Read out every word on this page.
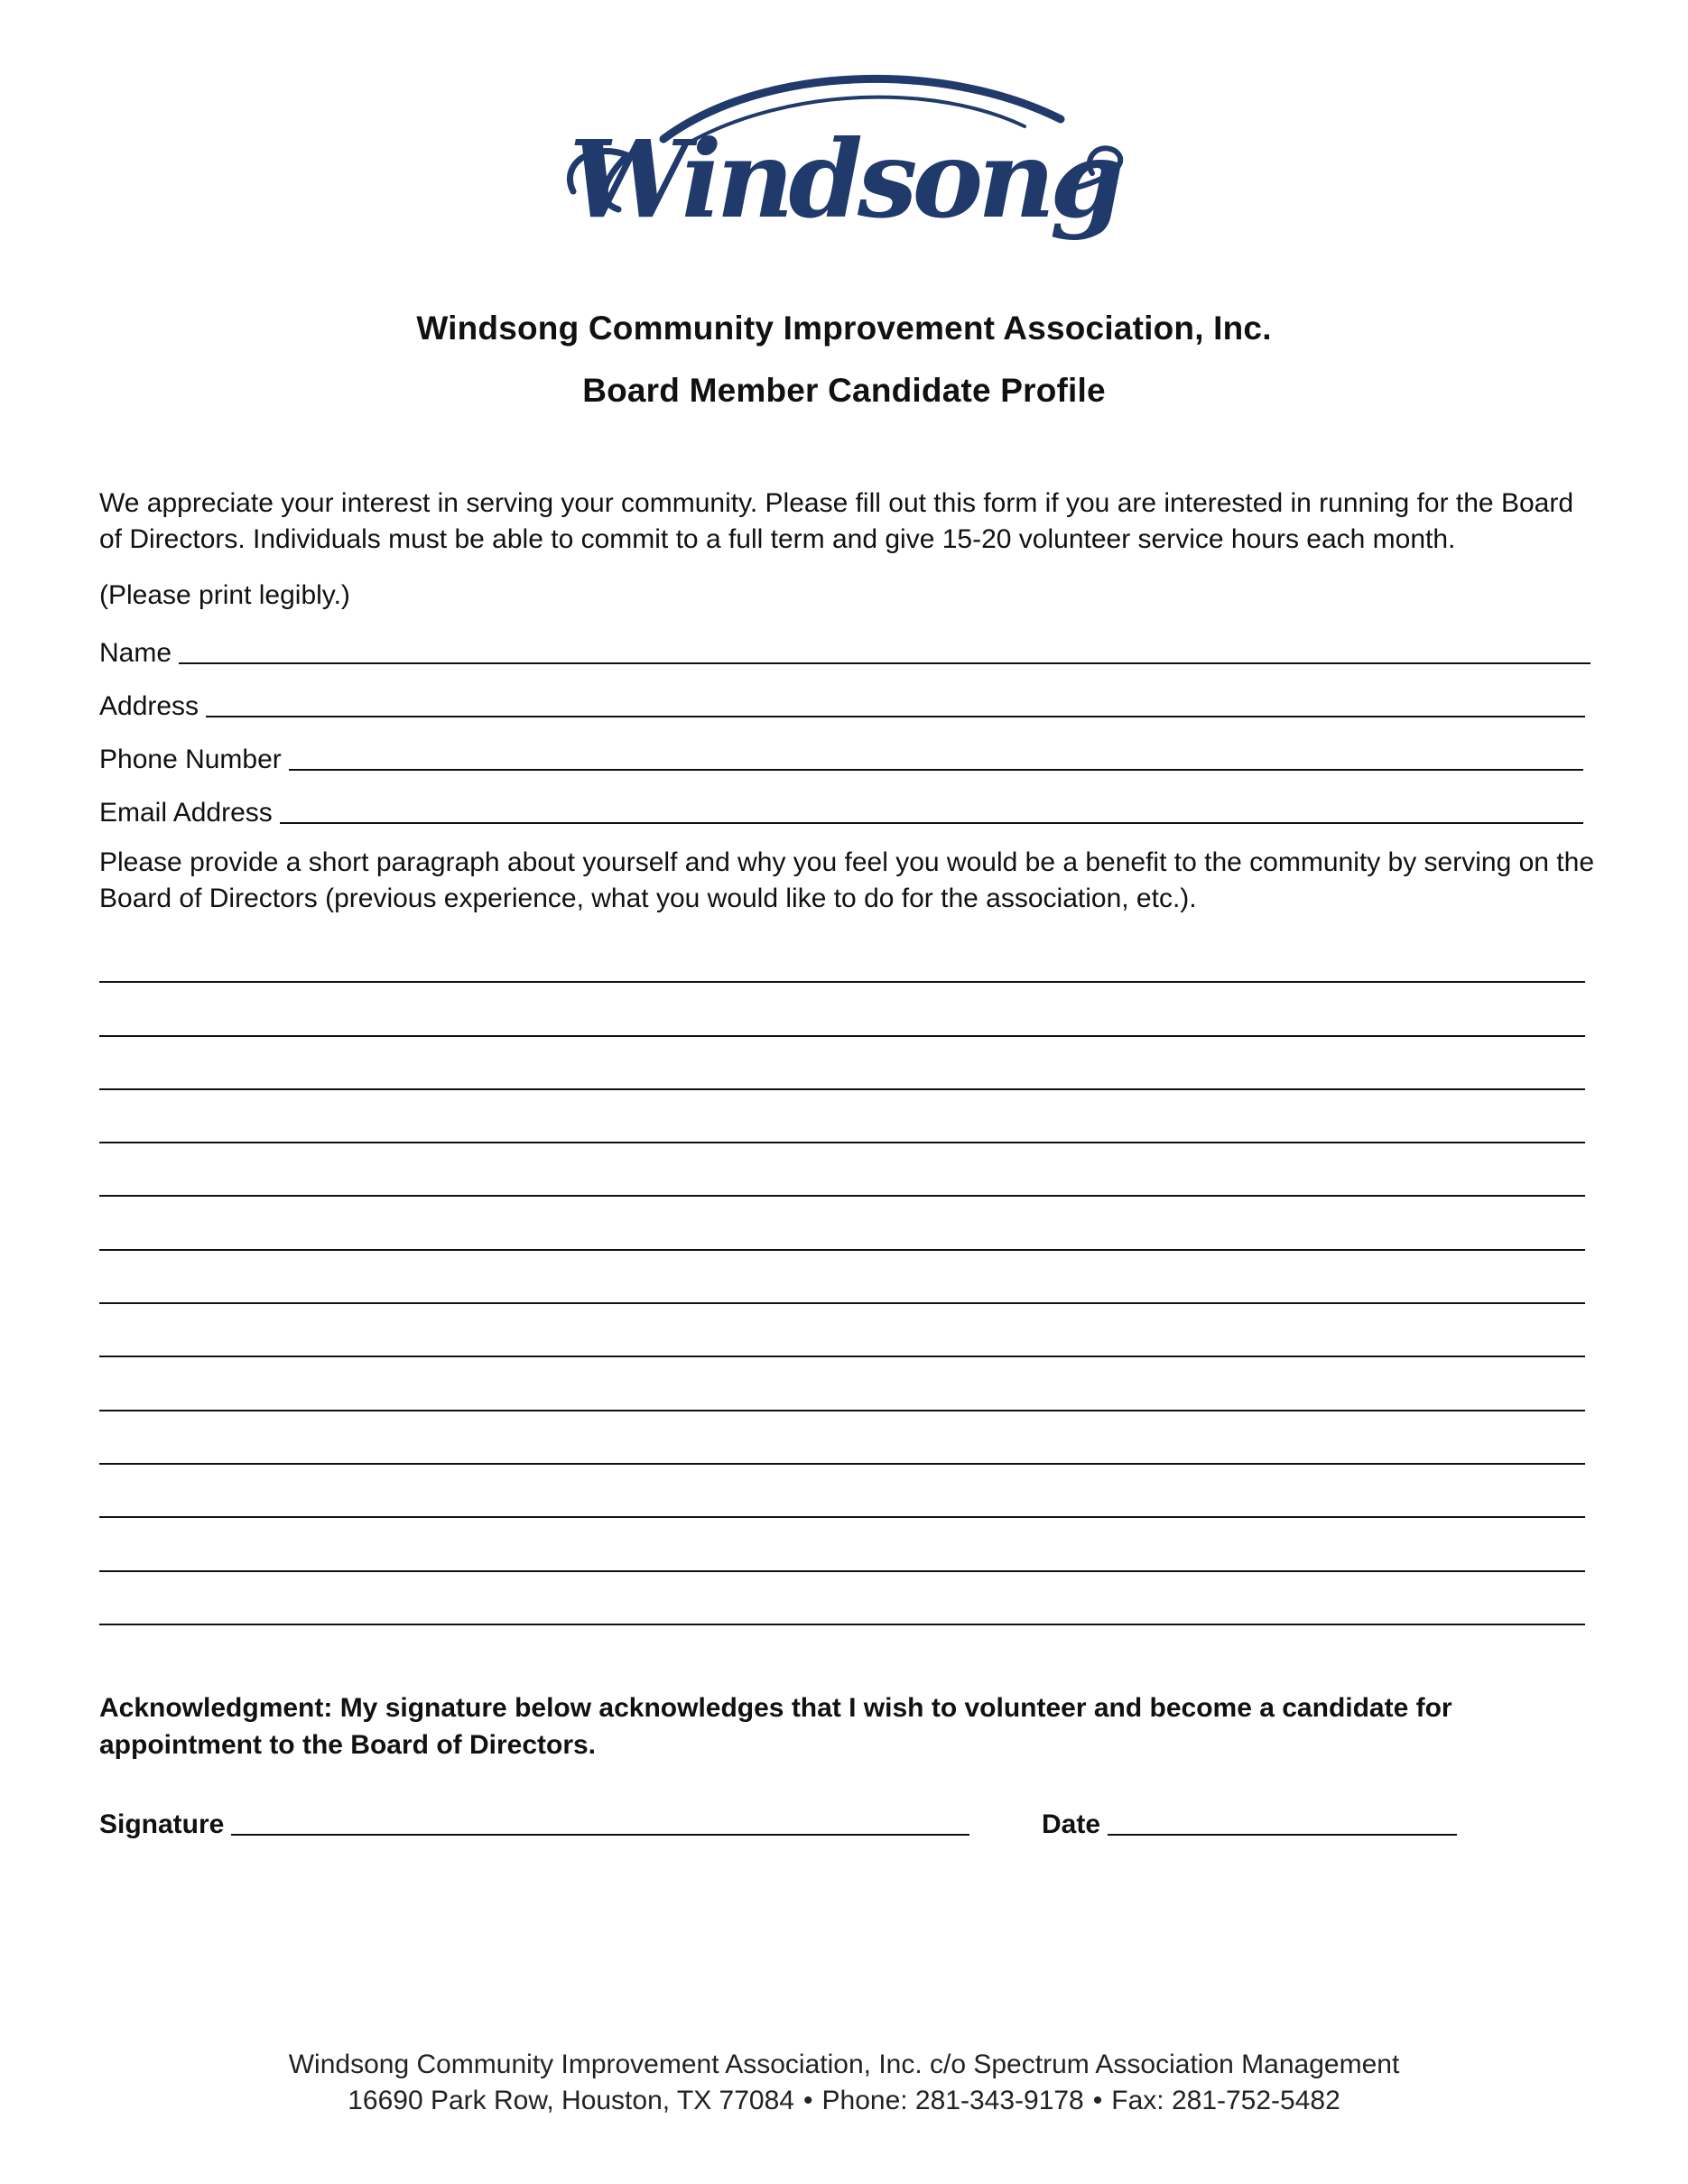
Windsong
Windsong Community Improvement Association, Inc.
Board Member Candidate Profile
We appreciate your interest in serving your community. Please fill out this form if you are interested in running for the Board of Directors. Individuals must be able to commit to a full term and give 15-20 volunteer service hours each month.
(Please print legibly.)
Name
Address
Phone Number
Email Address
Please provide a short paragraph about yourself and why you feel you would be a benefit to the community by serving on the Board of Directors (previous experience, what you would like to do for the association, etc.).
Acknowledgment: My signature below acknowledges that I wish to volunteer and become a candidate for appointment to the Board of Directors.
Signature	Date
Windsong Community Improvement Association, Inc. c/o Spectrum Association Management
16690 Park Row, Houston, TX 77084 • Phone: 281-343-9178 • Fax: 281-752-5482
